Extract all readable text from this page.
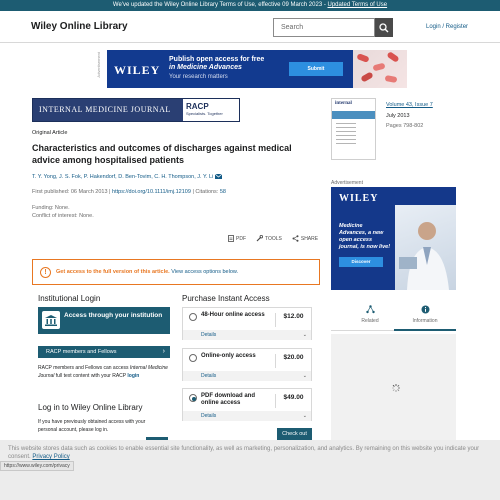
We've updated the Wiley Online Library Terms of Use, effective 09 March 2023 - Updated Terms of Use
Wiley Online Library	Search	Login / Register
Advertisement WILEY
Publish open access for free
in Medicine Advances
Your research matters
Submit
INTERNAL MEDICINE JOURNAL	RACP
Specialists. Together
Original Article
Characteristics and outcomes of discharges against medical advice among hospitalised patients
T. Y. Yong, J. S. Fok, P. Hakendorf, D. Ben-Tovim, C. H. Thompson, J. Y. Li
First published: 06 March 2013 | https://doi.org/10.1111/imj.12109 | Citations: 58
Funding: None.
Conflict of interest: None.
PDF	TOOLS	SHARE
!	Get access to the full version of this article. View access options below.
Institutional Login
Access through your institution
RACP members and Fellows	›
RACP members and Fellows can access Internal Medicine Journal full text content with your RACP login
Log in to Wiley Online Library
If you have previously obtained access with your personal account, please log in.
Purchase Instant Access
48-Hour online access	$12.00
Details	⌄
Online-only access	$20.00
Details	⌄
PDF download and online access
$49.00
Details	⌄
Check out
internal	Volume 43, Issue 7
July 2013
Pages 798-802
Advertisement
WILEY
Medicine Advances, a new open access journal, is now live!
Discover
Related	Information
This website stores data such as cookies to enable essential site functionality, as well as marketing, personalization, and analytics. By remaining on this website you indicate your consent. Privacy Policy
https://www.wiley.com/privacy
